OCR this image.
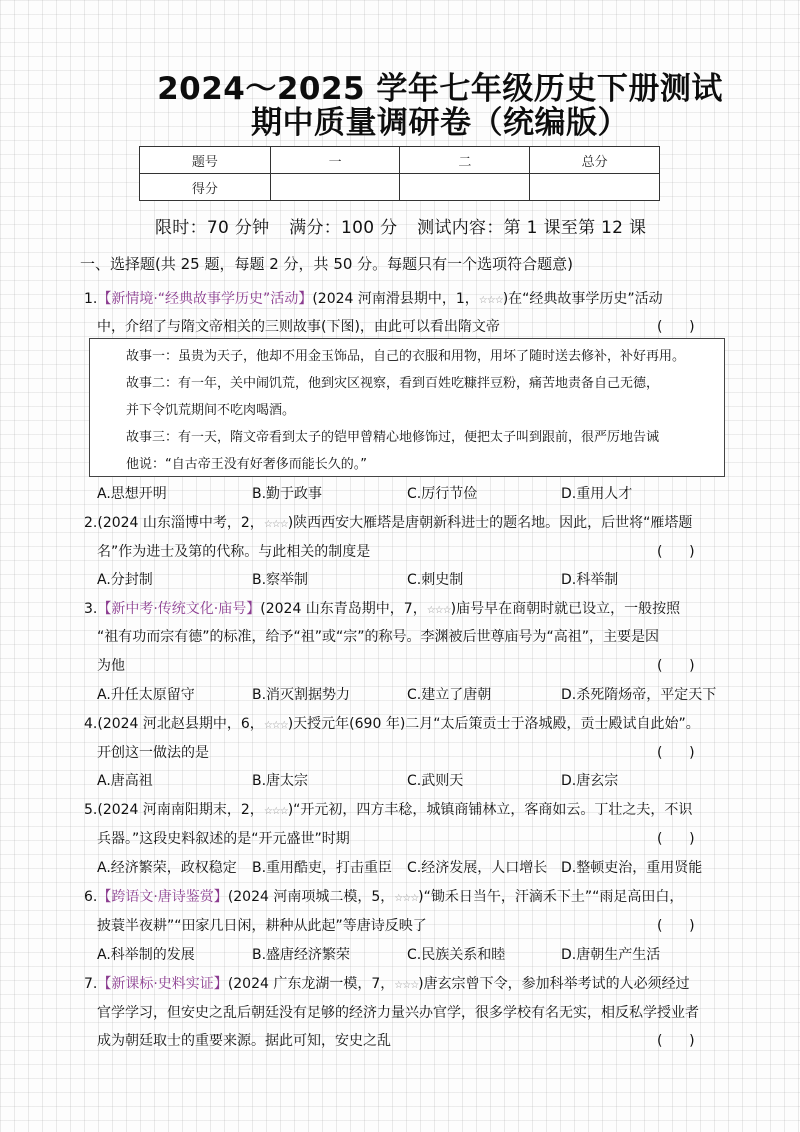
2024～2025 学年七年级历史下册测试
期中质量调研卷（统编版）
题号	一	二	总分
得分			
限时：70 分钟 满分：100 分 测试内容：第 1 课至第 12 课
一、选择题(共 25 题，每题 2 分，共 50 分。每题只有一个选项符合题意)
1.【新情境·“经典故事学历史”活动】(2024 河南滑县期中，1，☆☆☆)在“经典故事学历史”活动
中，介绍了与隋文帝相关的三则故事(下图)，由此可以看出隋文帝	(      )
故事一：虽贵为天子，他却不用金玉饰品，自己的衣服和用物，用坏了随时送去修补，补好再用。
故事二：有一年，关中闹饥荒，他到灾区视察，看到百姓吃糠拌豆粉，痛苦地责备自己无德，
并下令饥荒期间不吃肉喝酒。
故事三：有一天，隋文帝看到太子的铠甲曾精心地修饰过，便把太子叫到跟前，很严厉地告诫
他说：“自古帝王没有好奢侈而能长久的。”
A.思想开明	B.勤于政事	C.厉行节俭	D.重用人才
2.(2024 山东淄博中考，2，☆☆☆)陕西西安大雁塔是唐朝新科进士的题名地。因此，后世将“雁塔题
名”作为进士及第的代称。与此相关的制度是	(      )
A.分封制	B.察举制	C.刺史制	D.科举制
3.【新中考·传统文化·庙号】(2024 山东青岛期中，7，☆☆☆)庙号早在商朝时就已设立，一般按照
“祖有功而宗有德”的标准，给予“祖”或“宗”的称号。李渊被后世尊庙号为“高祖”，主要是因
为他	(      )
A.升任太原留守	B.消灭割据势力	C.建立了唐朝	D.杀死隋炀帝，平定天下
4.(2024 河北赵县期中，6，☆☆☆)天授元年(690 年)二月“太后策贡士于洛城殿，贡士殿试自此始”。
开创这一做法的是	(      )
A.唐高祖	B.唐太宗	C.武则天	D.唐玄宗
5.(2024 河南南阳期末，2，☆☆☆)“开元初，四方丰稔，城镇商铺林立，客商如云。丁壮之夫，不识
兵器。”这段史料叙述的是“开元盛世”时期	(      )
A.经济繁荣，政权稳定 B.重用酷吏，打击重臣 C.经济发展，人口增长 D.整顿吏治，重用贤能
6.【跨语文·唐诗鉴赏】(2024 河南项城二模，5，☆☆☆)“锄禾日当午，汗滴禾下土”“雨足高田白，
披蓑半夜耕”“田家几日闲，耕种从此起”等唐诗反映了	(      )
A.科举制的发展	B.盛唐经济繁荣	C.民族关系和睦	D.唐朝生产生活
7.【新课标·史料实证】(2024 广东龙湖一模，7，☆☆☆)唐玄宗曾下令，参加科举考试的人必须经过
官学学习，但安史之乱后朝廷没有足够的经济力量兴办官学，很多学校有名无实，相反私学授业者
成为朝廷取士的重要来源。据此可知，安史之乱	(      )
